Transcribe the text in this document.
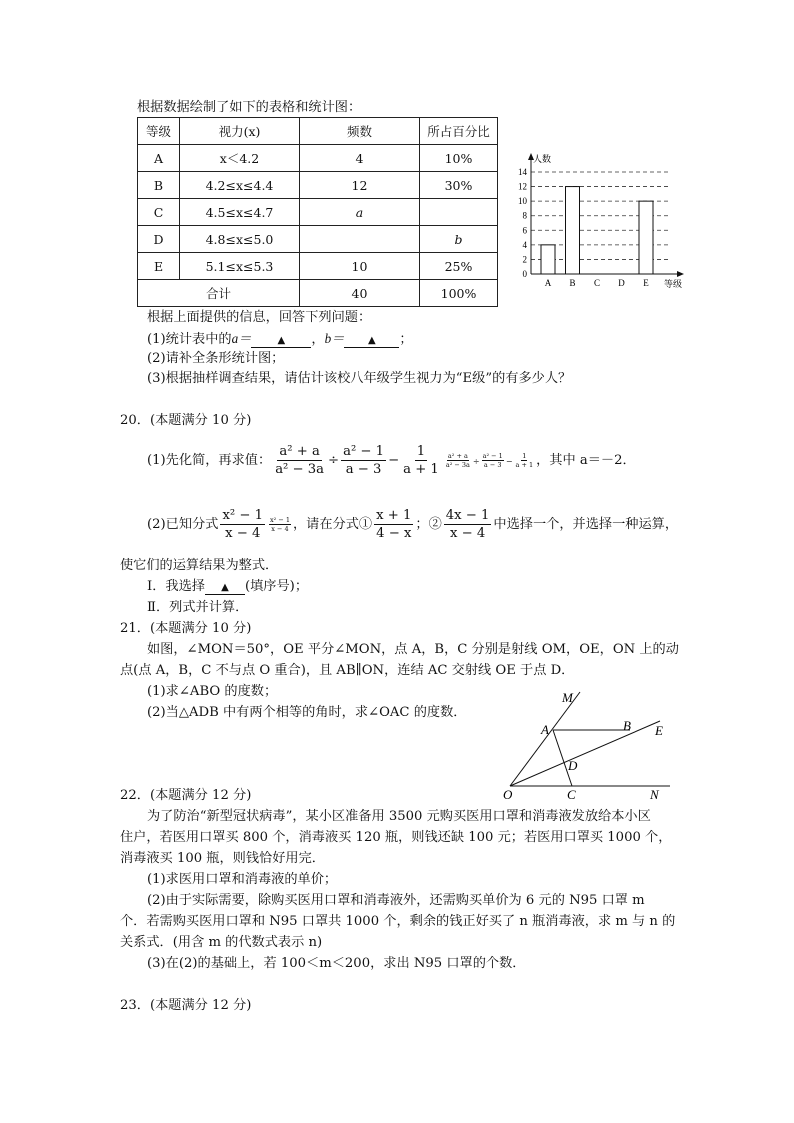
根据数据绘制了如下的表格和统计图：
等级	视力(x)	频数	所占百分比
A	x＜4.2	4	10%
B	4.2≤x≤4.4	12	30%
C	4.5≤x≤4.7	a	
D	4.8≤x≤5.0		b
E	5.1≤x≤5.3	10	25%
合计		40	100%
0
2
4
6
8
10
12
14
A B C D E
人数
等级
根据上面提供的信息，回答下列问题：
(1)统计表中的a＝	▲ ，b＝ ▲ ；
(2)请补全条形统计图；
(3)根据抽样调查结果，请估计该校八年级学生视力为“E级”的有多少人？
20．(本题满分 10 分)
(1)先化简，再求值： $\frac{\text{a² + a}}{\text{a² − 3a}} \div \frac{\text{a² − 1}}{a - 3} - \frac{1}{a + 1} \frac{\text{a² + a}}{\text{a² − 3a}} \div \frac{\text{a² − 1}}{a - 3} - \frac{1}{a + 1}$ ，其中 a＝－2．
(2)已知分式 $\frac{\text{x² − 1}}{x - 4} \frac{\text{x² − 1}}{x - 4}$ ，请在分式① $\frac{x + 1}{4 - x}$ ；② $\frac{4x - 1}{x - 4}$ 中选择一个，并选择一种运算，
使它们的运算结果为整式．
Ⅰ．我选择 ▲ (填序号)；
Ⅱ．列式并计算．
21．(本题满分 10 分)
如图，∠MON＝50°，OE 平分∠MON，点 A，B，C 分别是射线 OM，OE，ON 上的动
点(点 A，B，C 不与点 O 重合)，且 AB∥ON，连结 AC 交射线 OE 于点 D．
(1)求∠ABO 的度数；
(2)当△ADB 中有两个相等的角时，求∠OAC 的度数．
M
A	B E
D
O	C	N
22．(本题满分 12 分)
为了防治“新型冠状病毒”，某小区准备用 3500 元购买医用口罩和消毒液发放给本小区
住户，若医用口罩买 800 个，消毒液买 120 瓶，则钱还缺 100 元；若医用口罩买 1000 个，
消毒液买 100 瓶，则钱恰好用完．
(1)求医用口罩和消毒液的单价；
(2)由于实际需要，除购买医用口罩和消毒液外，还需购买单价为 6 元的 N95 口罩 m
个．若需购买医用口罩和 N95 口罩共 1000 个，剩余的钱正好买了 n 瓶消毒液，求 m 与 n 的
关系式．(用含 m 的代数式表示 n)
(3)在(2)的基础上，若 100＜m＜200，求出 N95 口罩的个数．
23．(本题满分 12 分)
